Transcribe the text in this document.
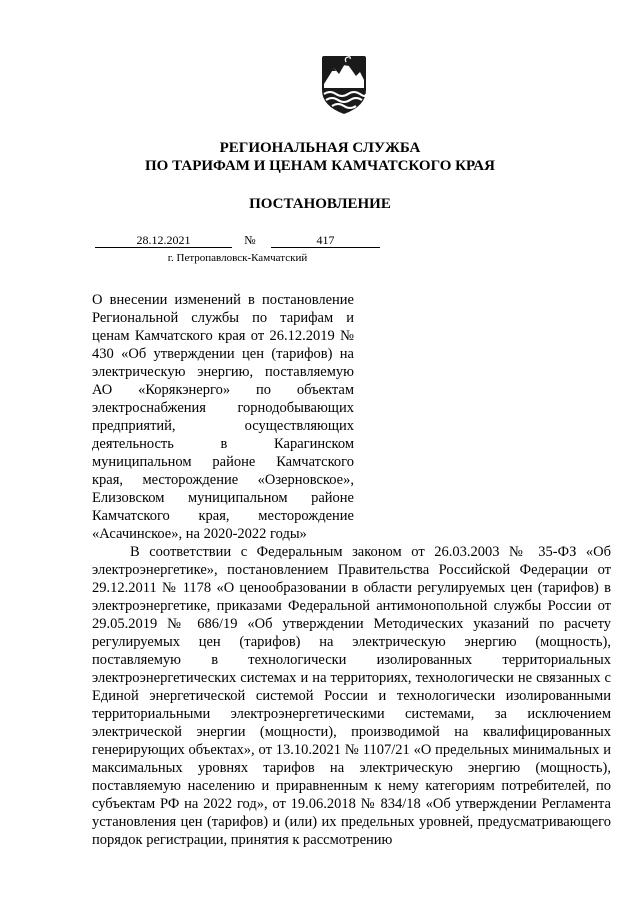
РЕГИОНАЛЬНАЯ СЛУЖБА
ПО ТАРИФАМ И ЦЕНАМ КАМЧАТСКОГО КРАЯ
ПОСТАНОВЛЕНИЕ
28.12.2021	№	417
г. Петропавловск-Камчатский
О внесении изменений в постановление Региональной службы по тарифам и ценам Камчатского края от 26.12.2019 № 430 «Об утверждении цен (тарифов) на электрическую энергию, поставляемую АО «Корякэнерго» по объектам электроснабжения горнодобывающих предприятий, осуществляющих деятельность в Карагинском муниципальном районе Камчатского края, месторождение «Озерновское», Елизовском муниципальном районе Камчатского края, месторождение «Асачинское», на 2020-2022 годы»
В соответствии с Федеральным законом от 26.03.2003 № 35-ФЗ «Об электроэнергетике», постановлением Правительства Российской Федерации от 29.12.2011 № 1178 «О ценообразовании в области регулируемых цен (тарифов) в электроэнергетике, приказами Федеральной антимонопольной службы России от 29.05.2019 № 686/19 «Об утверждении Методических указаний по расчету регулируемых цен (тарифов) на электрическую энергию (мощность), поставляемую в технологически изолированных территориальных электроэнергетических системах и на территориях, технологически не связанных с Единой энергетической системой России и технологически изолированными территориальными электроэнергетическими системами, за исключением электрической энергии (мощности), производимой на квалифицированных генерирующих объектах», от 13.10.2021 № 1107/21 «О предельных минимальных и максимальных уровнях тарифов на электрическую энергию (мощность), поставляемую населению и приравненным к нему категориям потребителей, по субъектам РФ на 2022 год», от 19.06.2018 № 834/18 «Об утверждении Регламента установления цен (тарифов) и (или) их предельных уровней, предусматривающего порядок регистрации, принятия к рассмотрению
